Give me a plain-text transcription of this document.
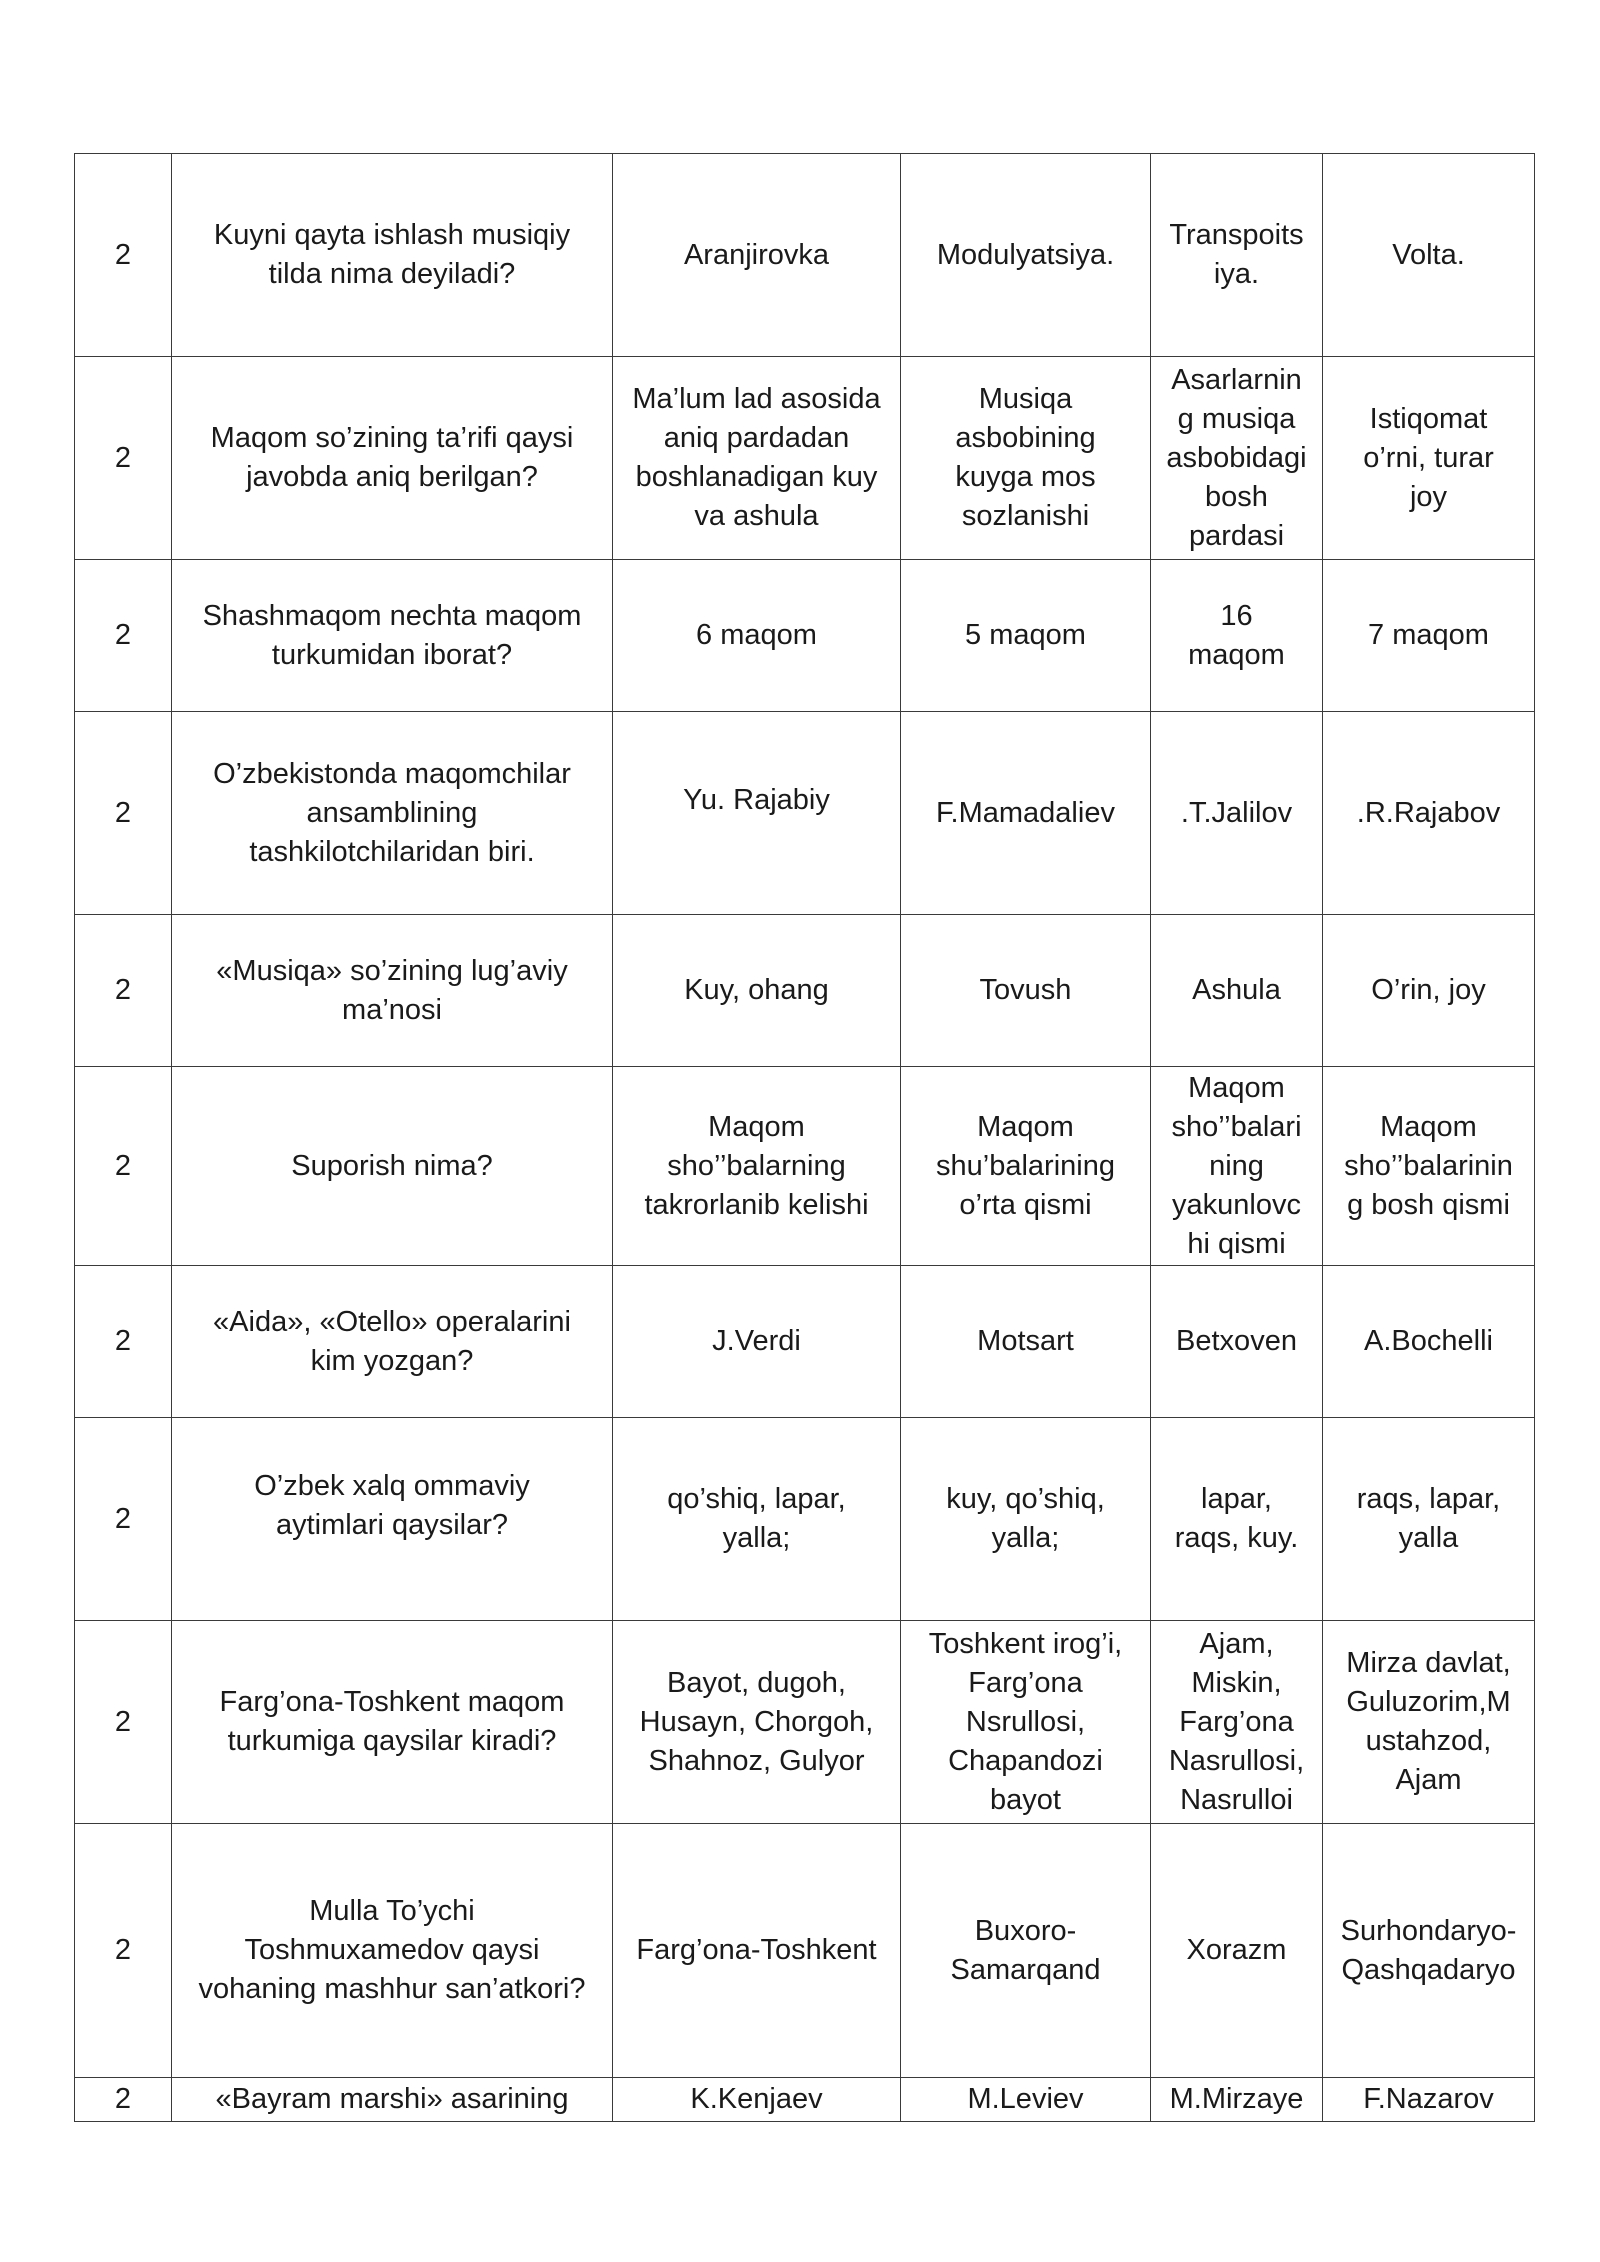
2	Kuyni qayta ishlash musiqiy
tilda nima deyiladi?	Aranjirovka	Modulyatsiya.	Transpoits
iya.	Volta.

2	Maqom so’zining ta’rifi qaysi
javobda aniq berilgan?	Ma’lum lad asosida
aniq pardadan
boshlanadigan kuy
va ashula	Musiqa
asbobining
kuyga mos
sozlanishi	Asarlarnin
g musiqa
asbobidagi
bosh
pardasi	Istiqomat
o’rni, turar
joy

2	Shashmaqom nechta maqom
turkumidan iborat?	6 maqom	5 maqom	16
maqom	7 maqom

2	O’zbekistonda maqomchilar
ansamblining
tashkilotchilaridan biri.	Yu. Rajabiy	F.Mamadaliev	.T.Jalilov	.R.Rajabov

2	«Musiqa» so’zining lug’aviy
ma’nosi	Kuy, ohang	Tovush	Ashula	O’rin, joy

2	Suporish nima?	Maqom
sho’’balarning
takrorlanib kelishi	Maqom
shu’balarining
o’rta qismi	Maqom
sho’’balari
ning
yakunlovc
hi qismi	Maqom
sho’’balarinin
g bosh qismi

2	«Aida», «Otello» operalarini
kim yozgan?	J.Verdi	Motsart	Betxoven	A.Bochelli

2	O’zbek xalq ommaviy
aytimlari qaysilar?	qo’shiq, lapar,
yalla;	kuy, qo’shiq,
yalla;	lapar,
raqs, kuy.	raqs, lapar,
yalla

2	Farg’ona-Toshkent maqom
turkumiga qaysilar kiradi?	Bayot, dugoh,
Husayn, Chorgoh,
Shahnoz, Gulyor	Toshkent irog’i,
Farg’ona
Nsrullosi,
Chapandozi
bayot	Ajam,
Miskin,
Farg’ona
Nasrullosi,
Nasrulloi	Mirza davlat,
Guluzorim,M
ustahzod,
Ajam

2	Mulla To’ychi
Toshmuxamedov qaysi
vohaning mashhur san’atkori?	Farg’ona-Toshkent	Buxoro-
Samarqand	Xorazm	Surhondaryo-
Qashqadaryo

2	«Bayram marshi» asarining	K.Kenjaev	M.Leviev	M.Mirzaye	F.Nazarov
